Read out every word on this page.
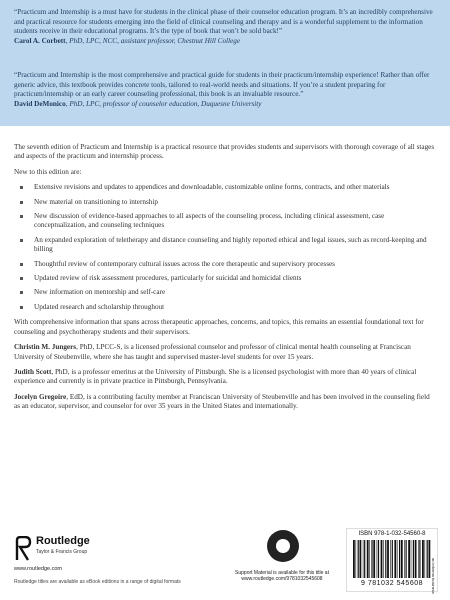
“Practicum and Internship is a must have for students in the clinical phase of their counselor education program. It’s an incredibly comprehensive and practical resource for students emerging into the field of clinical counseling and therapy and is a wonderful supplement to the information students receive in their educational programs. It’s the type of book that won’t be sold back!”

Carol A. Corbett, PhD, LPC, NCC, assistant professor, Chestnut Hill College

“Practicum and Internship is the most comprehensive and practical guide for students in their practicum/internship experience! Rather than offer generic advice, this textbook provides concrete tools, tailored to real-world needs and situations. If you’re a student preparing for practicum/internship or an early career counseling professional, this book is an invaluable resource.”

David DeMonico, PhD, LPC, professor of counselor education, Duquesne University

The seventh edition of Practicum and Internship is a practical resource that provides students and supervisors with thorough coverage of all stages and aspects of the practicum and internship process.

New to this edition are:

Extensive revisions and updates to appendices and downloadable, customizable online forms, contracts, and other materials
New material on transitioning to internship
New discussion of evidence-based approaches to all aspects of the counseling process, including clinical assessment, case conceptualization, and counseling techniques
An expanded exploration of teletherapy and distance counseling and highly reported ethical and legal issues, such as record-keeping and billing
Thoughtful review of contemporary cultural issues across the core therapeutic and supervisory processes
Updated review of risk assessment procedures, particularly for suicidal and homicidal clients
New information on mentorship and self-care
Updated research and scholarship throughout

With comprehensive information that spans across therapeutic approaches, concerns, and topics, this remains an essential foundational text for counseling and psychotherapy students and their supervisors.

Christin M. Jungers, PhD, LPCC-S, is a licensed professional counselor and professor of clinical mental health counseling at Franciscan University of Steubenville, where she has taught and supervised master-level students for over 15 years.

Judith Scott, PhD, is a professor emeritus at the University of Pittsburgh. She is a licensed psychologist with more than 40 years of clinical experience and currently is in private practice in Pittsburgh, Pennsylvania.

Jocelyn Gregoire, EdD, is a contributing faculty member at Franciscan University of Steubenville and has been involved in the counseling field as an educator, supervisor, and counselor for over 35 years in the United States and internationally.

Routledge
Taylor & Francis Group
www.routledge.com
Routledge titles are available as eBook editions in a range of digital formats
Support Material is available for this title at
www.routledge.com/9781032545608
ISBN 978-1-032-54560-8
9 781032 545608	an informa business
